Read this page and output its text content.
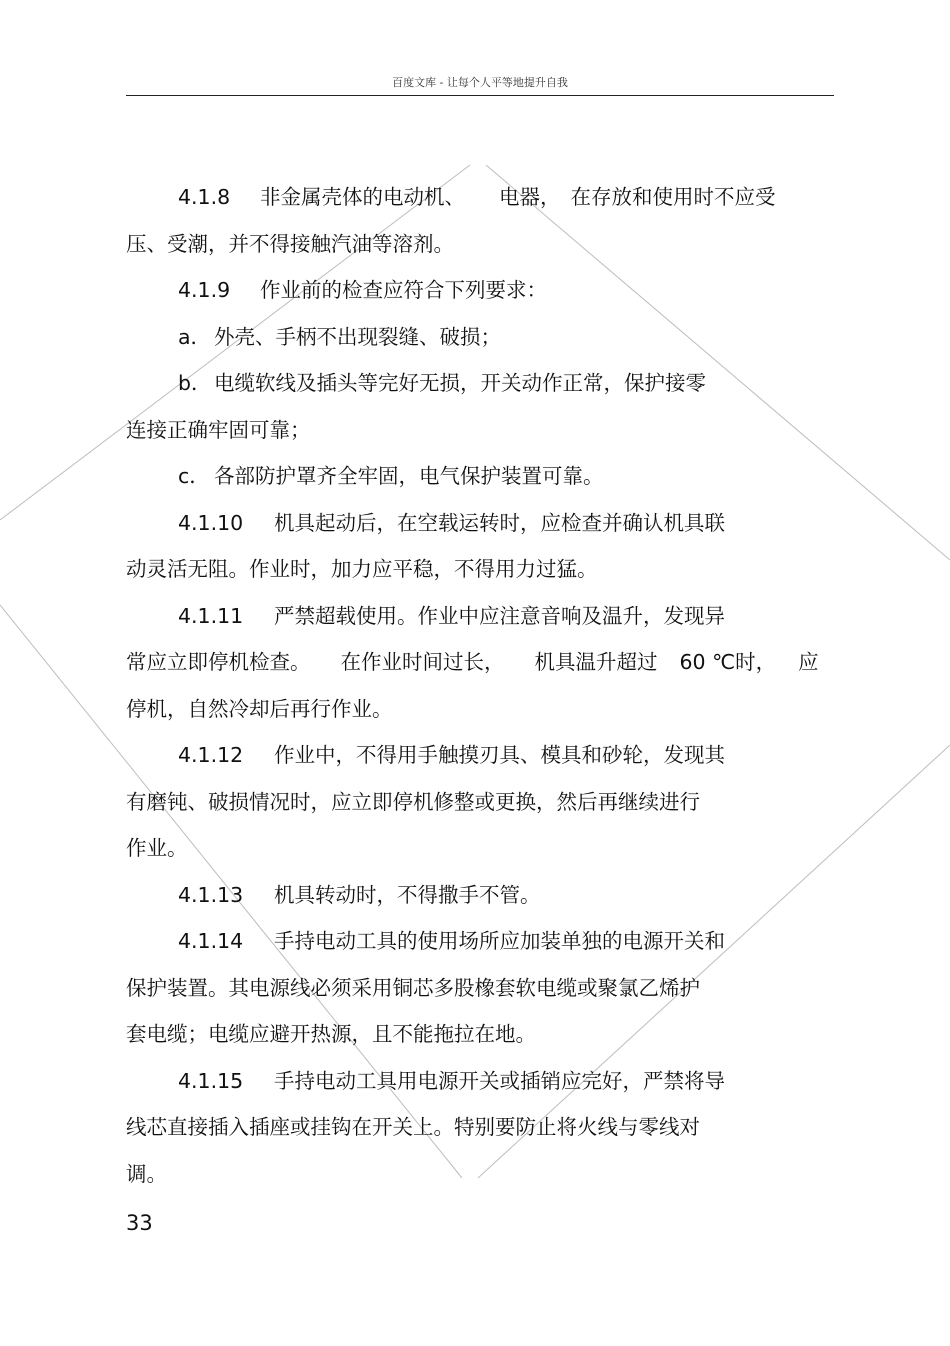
百度文库 - 让每个人平等地提升自我
4.1.8 非金属壳体的电动机、 电器， 在存放和使用时不应受
压、受潮，并不得接触汽油等溶剂。
4.1.9 作业前的检查应符合下列要求：
a． 外壳、手柄不出现裂缝、破损；
b． 电缆软线及插头等完好无损，开关动作正常，保护接零
连接正确牢固可靠；
c． 各部防护罩齐全牢固，电气保护装置可靠。
4.1.10 机具起动后，在空载运转时，应检查并确认机具联
动灵活无阻。作业时，加力应平稳，不得用力过猛。
4.1.11 严禁超载使用。作业中应注意音响及温升，发现异
常应立即停机检查。 在作业时间过长， 机具温升超过 60 ℃时， 应
停机，自然冷却后再行作业。
4.1.12 作业中，不得用手触摸刃具、模具和砂轮，发现其
有磨钝、破损情况时，应立即停机修整或更换，然后再继续进行
作业。
4.1.13 机具转动时，不得撒手不管。
4.1.14 手持电动工具的使用场所应加装单独的电源开关和
保护装置。其电源线必须采用铜芯多股橡套软电缆或聚氯乙烯护
套电缆；电缆应避开热源，且不能拖拉在地。
4.1.15 手持电动工具用电源开关或插销应完好，严禁将导
线芯直接插入插座或挂钩在开关上。特别要防止将火线与零线对
调。
33
